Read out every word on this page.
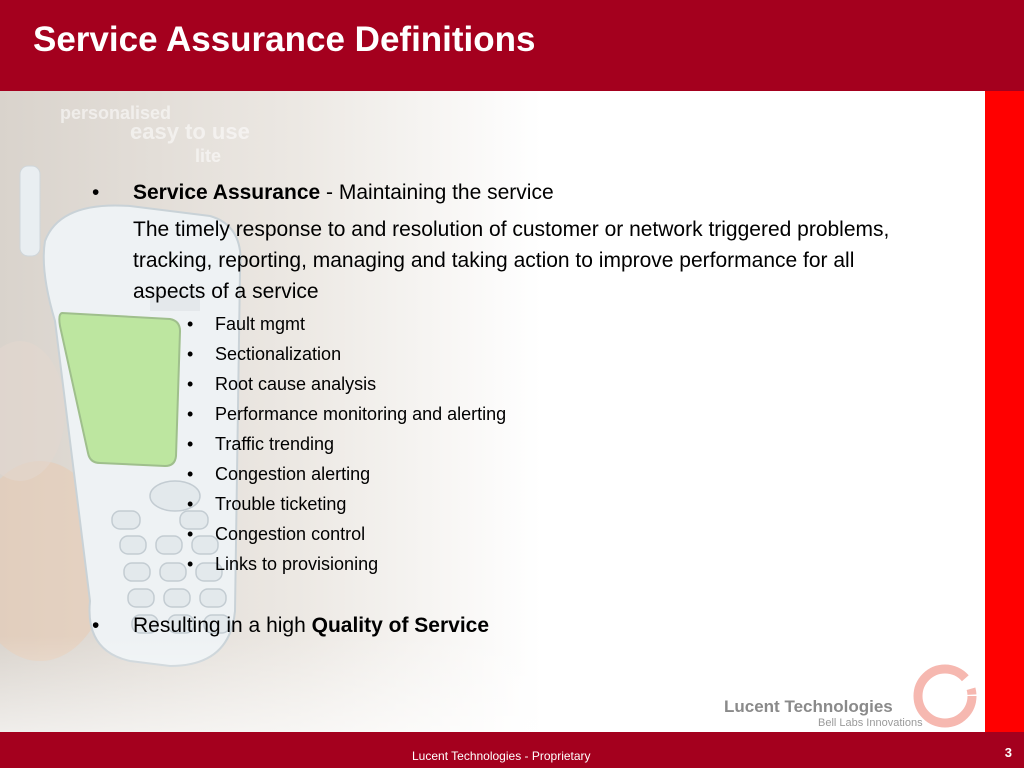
Service Assurance Definitions
personalised
easy to use
lite
• Service Assurance - Maintaining the service
The timely response to and resolution of customer or network triggered problems, tracking, reporting, managing and taking action to improve performance for all aspects of a service
• Fault mgmt
• Sectionalization
• Root cause analysis
• Performance monitoring and alerting
• Traffic trending
• Congestion alerting
• Trouble ticketing
• Congestion control
• Links to provisioning
• Resulting in a high Quality of Service
Lucent Technologies
Bell Labs Innovations
Lucent Technologies - Proprietary	3
